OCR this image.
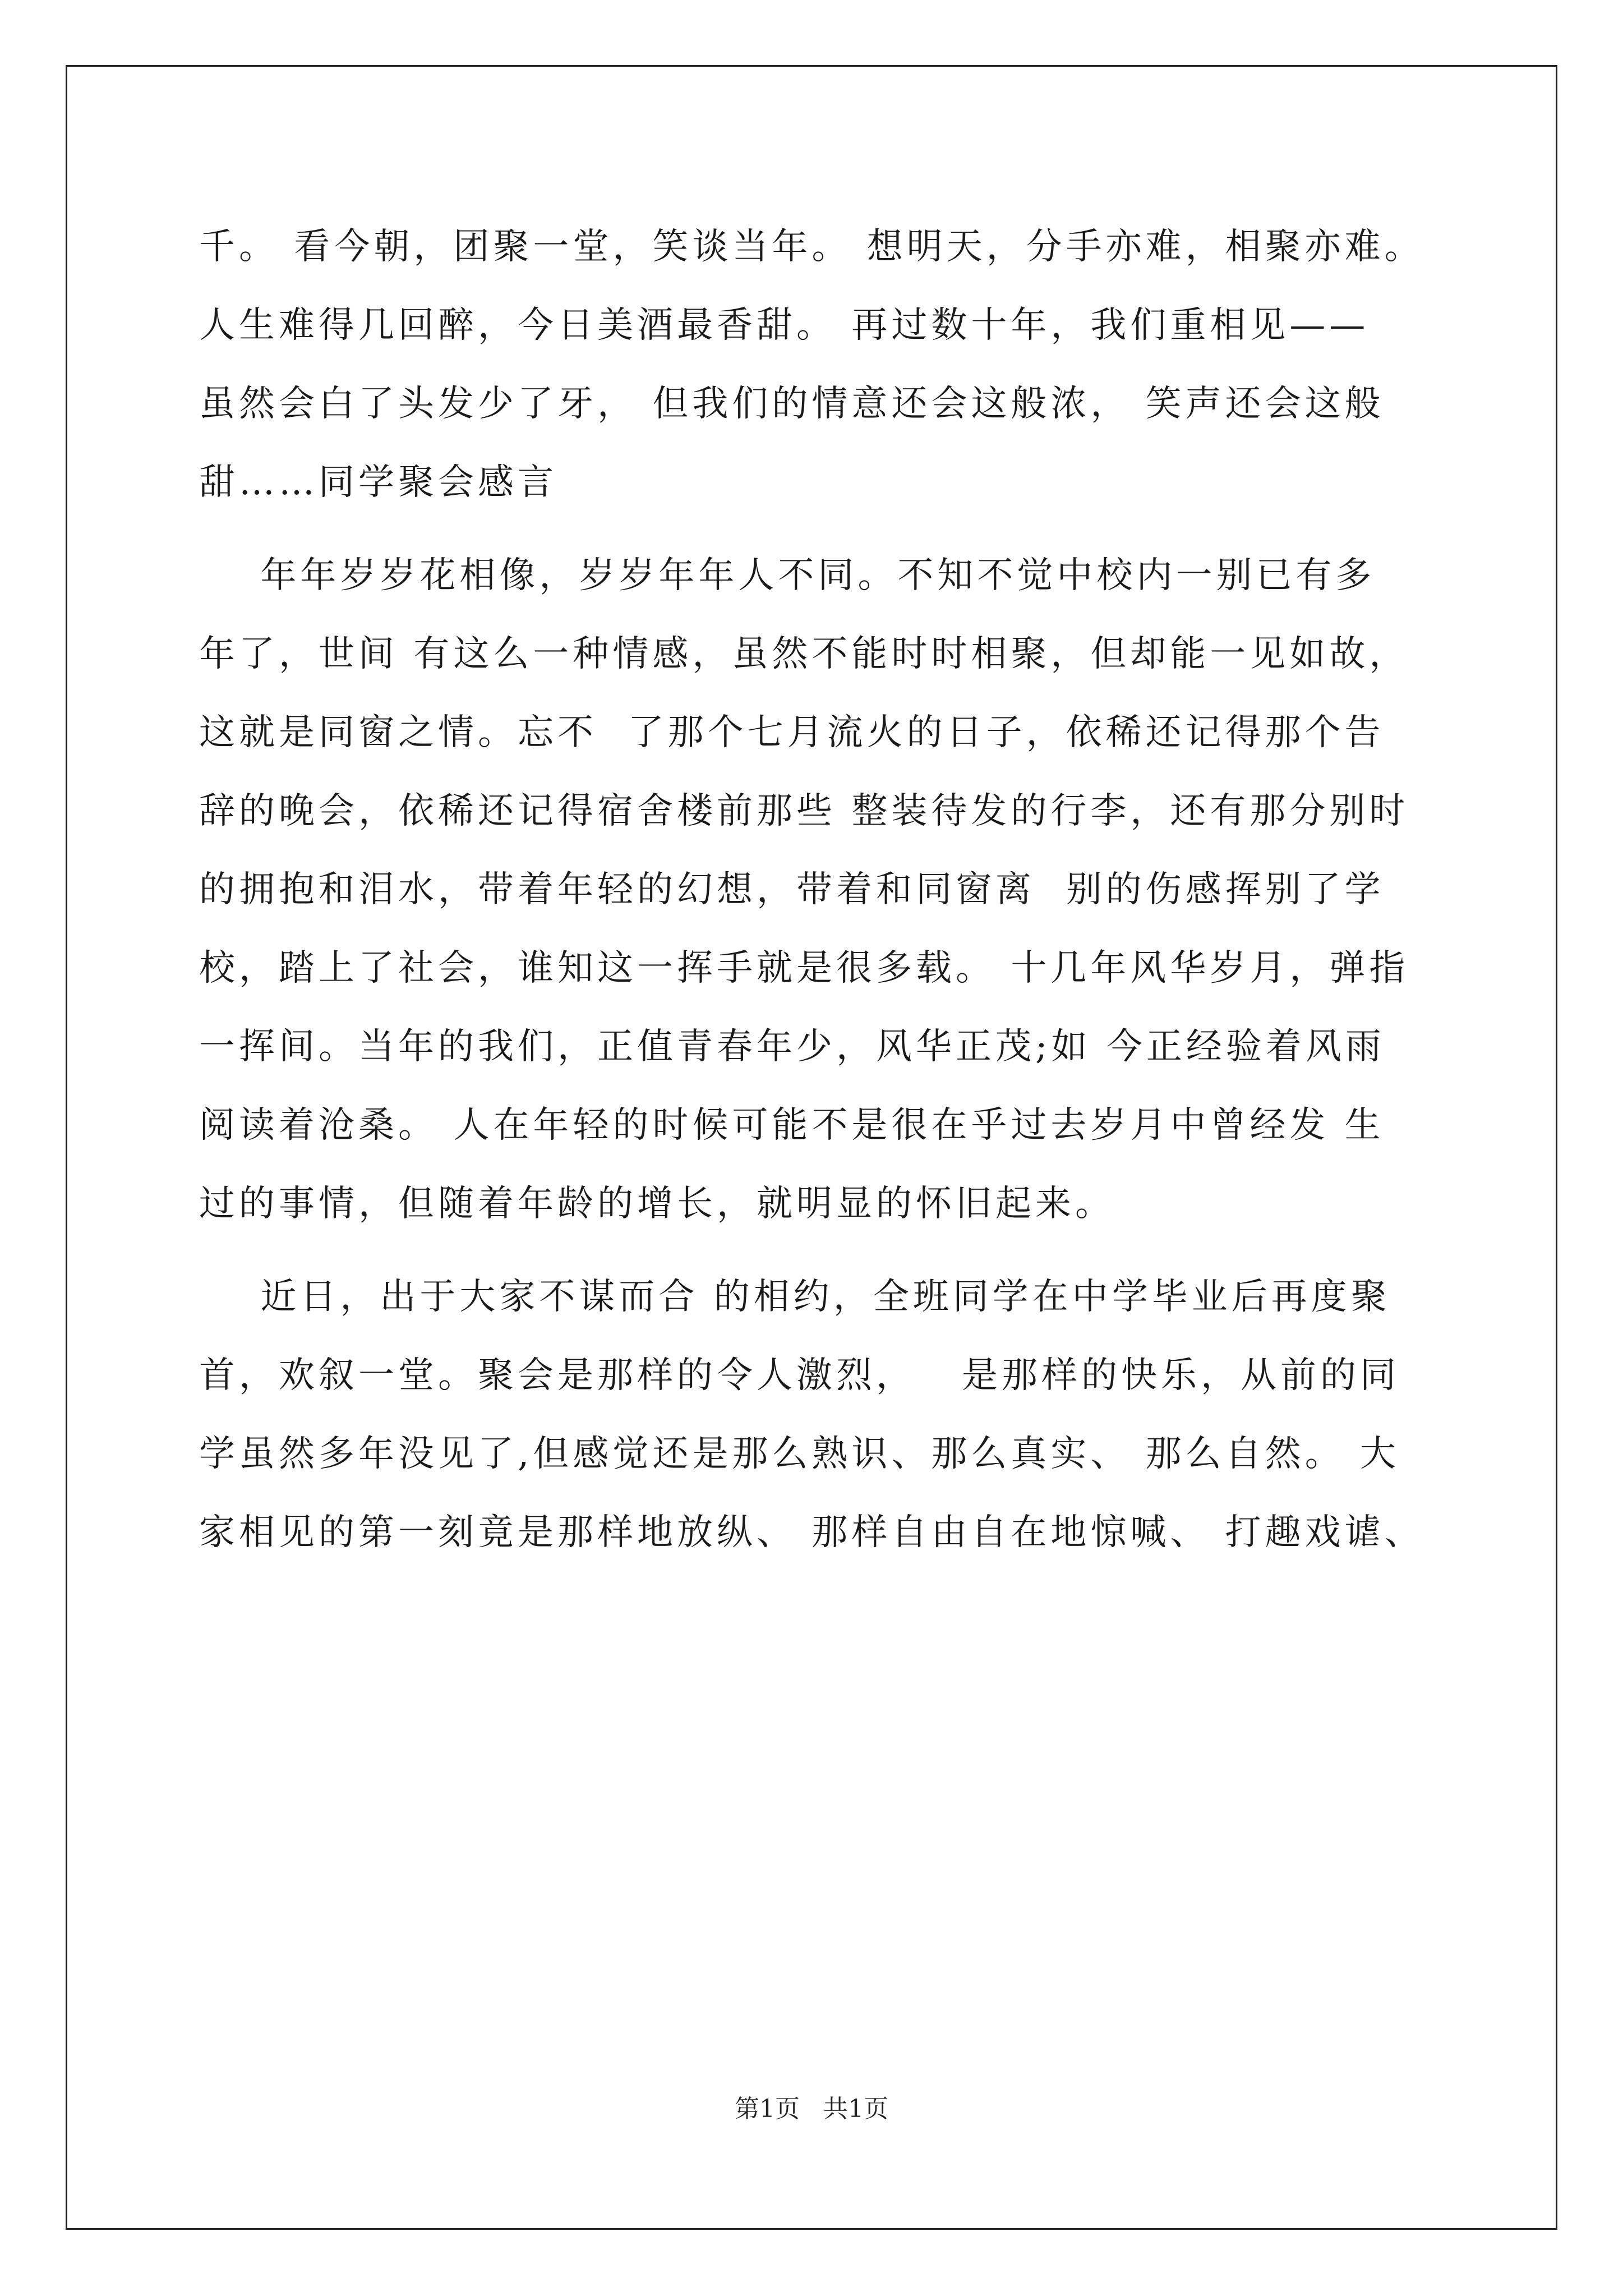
千。 看今朝，团聚一堂，笑谈当年。 想明天，分手亦难，相聚亦难。
人生难得几回醉，今日美酒最香甜。 再过数十年，我们重相见——
虽然会白了头发少了牙， 但我们的情意还会这般浓， 笑声还会这般
甜……同学聚会感言
年年岁岁花相像，岁岁年年人不同。不知不觉中校内一别已有多
年了，世间 有这么一种情感，虽然不能时时相聚，但却能一见如故，
这就是同窗之情。忘不  了那个七月流火的日子，依稀还记得那个告
辞的晚会，依稀还记得宿舍楼前那些 整装待发的行李，还有那分别时
的拥抱和泪水，带着年轻的幻想，带着和同窗离  别的伤感挥别了学
校，踏上了社会，谁知这一挥手就是很多载。 十几年风华岁月，弹指
一挥间。当年的我们，正值青春年少，风华正茂;如 今正经验着风雨
阅读着沧桑。 人在年轻的时候可能不是很在乎过去岁月中曾经发 生
过的事情，但随着年龄的增长，就明显的怀旧起来。
近日，出于大家不谋而合 的相约，全班同学在中学毕业后再度聚
首，欢叙一堂。聚会是那样的令人激烈，   是那样的快乐，从前的同
学虽然多年没见了,但感觉还是那么熟识、那么真实、 那么自然。 大
家相见的第一刻竟是那样地放纵、 那样自由自在地惊喊、 打趣戏谑、
第1页 共1页
